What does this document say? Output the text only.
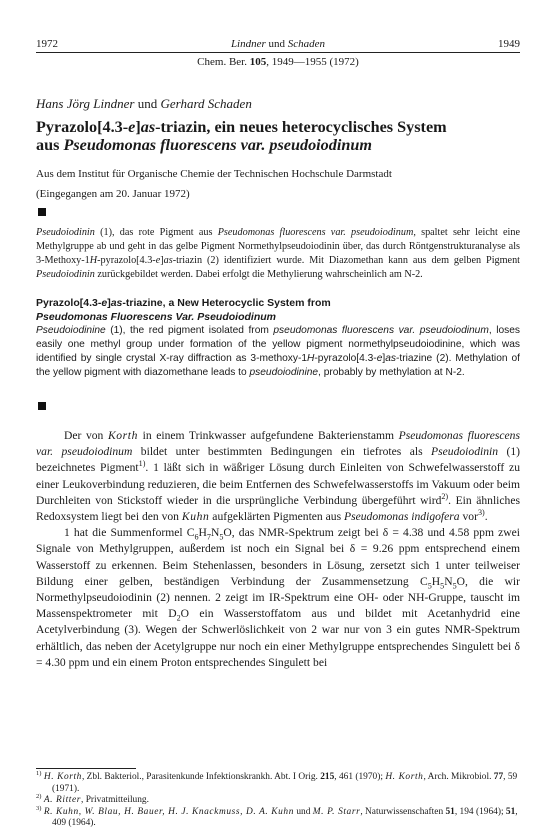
1972	Lindner und Schaden	1949
Chem. Ber. 105, 1949—1955 (1972)
Hans Jörg Lindner und Gerhard Schaden
Pyrazolo[4.3-e]as-triazin, ein neues heterocyclisches System
aus Pseudomonas fluorescens var. pseudoiodinum
Aus dem Institut für Organische Chemie der Technischen Hochschule Darmstadt
(Eingegangen am 20. Januar 1972)
Pseudoiodinin (1), das rote Pigment aus Pseudomonas fluorescens var. pseudoiodinum, spaltet sehr leicht eine Methylgruppe ab und geht in das gelbe Pigment Normethylpseudoiodinin über, das durch Röntgenstrukturanalyse als 3-Methoxy-1H-pyrazolo[4.3-e]as-triazin (2) identifiziert wurde. Mit Diazomethan kann aus dem gelben Pigment Pseudoiodinin zurückgebildet werden. Dabei erfolgt die Methylierung wahrscheinlich am N-2.
Pyrazolo[4.3-e]as-triazine, a New Heterocyclic System from
Pseudomonas Fluorescens Var. Pseudoiodinum
Pseudoiodinine (1), the red pigment isolated from pseudomonas fluorescens var. pseudoiodinum, loses easily one methyl group under formation of the yellow pigment normethylpseudoiodinine, which was identified by single crystal X-ray diffraction as 3-methoxy-1H-pyrazolo[4.3-e]as-triazine (2). Methylation of the yellow pigment with diazomethane leads to pseudoiodinine, probably by methylation at N-2.

Der von Korth in einem Trinkwasser aufgefundene Bakterienstamm Pseudomonas fluorescens var. pseudoiodinum bildet unter bestimmten Bedingungen ein tiefrotes als Pseudoiodinin (1) bezeichnetes Pigment$^{1)}$. 1 läßt sich in wäßriger Lösung durch Einleiten von Schwefelwasserstoff zu einer Leukoverbindung reduzieren, die beim Entfernen des Schwefelwasserstoffs im Vakuum oder beim Durchleiten von Stickstoff wieder in die ursprüngliche Verbindung übergeführt wird$^{2)}$. Ein ähnliches Redoxsystem liegt bei den von Kuhn aufgeklärten Pigmenten aus Pseudomonas indigofera vor$^{3)}$.

1 hat die Summenformel $C_6H_7N_5O$, das NMR-Spektrum zeigt bei δ = 4.38 und 4.58 ppm zwei Signale von Methylgruppen, außerdem ist noch ein Signal bei δ = 9.26 ppm entsprechend einem Wasserstoff zu erkennen. Beim Stehenlassen, besonders in Lösung, zersetzt sich 1 unter teilweiser Bildung einer gelben, beständigen Verbindung der Zusammensetzung $C_5H_5N_5O$, die wir Normethylpseudoiodinin (2) nennen. 2 zeigt im IR-Spektrum eine OH- oder NH-Gruppe, tauscht im Massenspektrometer mit $D_2O$ ein Wasserstoffatom aus und bildet mit Acetanhydrid eine Acetylverbindung (3). Wegen der Schwerlöslichkeit von 2 war nur von 3 ein gutes NMR-Spektrum erhältlich, das neben der Acetylgruppe nur noch ein einer Methylgruppe entsprechendes Singulett bei δ = 4.30 ppm und ein einem Proton entsprechendes Singulett bei

$^{1)}$ H. Korth, Zbl. Bakteriol., Parasitenkunde Infektionskrankh. Abt. I Orig. 215, 461 (1970); H. Korth, Arch. Mikrobiol. 77, 59 (1971).
$^{2)}$ A. Ritter, Privatmitteilung.
$^{3)}$ R. Kuhn, W. Blau, H. Bauer, H. J. Knackmuss, D. A. Kuhn und M. P. Starr, Naturwissenschaften 51, 194 (1964); 51, 409 (1964).
